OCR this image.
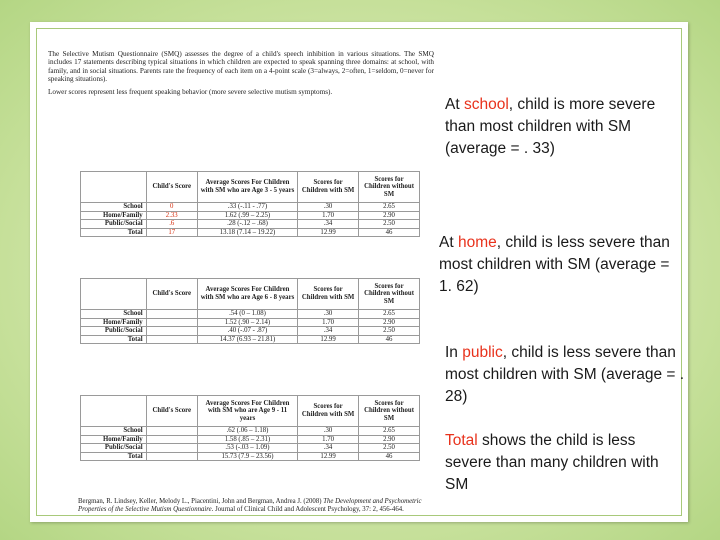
The Selective Mutism Questionnaire (SMQ) assesses the degree of a child's speech inhibition in various situations. The SMQ includes 17 statements describing typical situations in which children are expected to speak spanning three domains: at school, with family, and in social situations. Parents rate the frequency of each item on a 4-point scale (3=always, 2=often, 1=seldom, 0=never for speaking situations).

Lower scores represent less frequent speaking behavior (more severe selective mutism symptoms).

	Child's Score	Average Scores For Children with SM who are Age 3 - 5 years	Scores for Children with SM	Scores for Children without SM
School	0	.33 (-.11 - .77)	.30	2.65
Home/Family	2.33	1.62 (.99 – 2.25)	1.70	2.90
Public/Social	.6	.28 (-.12 – .68)	.34	2.50
Total	17	13.18 (7.14 – 19.22)	12.99	46
	Child's Score	Average Scores For Children with SM who are Age 6 - 8 years	Scores for Children with SM	Scores for Children without SM
School		.54 (0 – 1.08)	.30	2.65
Home/Family		1.52 (.90 – 2.14)	1.70	2.90
Public/Social		.40 (-.07 - .87)	.34	2.50
Total		14.37 (6.93 – 21.81)	12.99	46
	Child's Score	Average Scores For Children with SM who are Age 9 - 11 years	Scores for Children with SM	Scores for Children without SM
School		.62 (.06 – 1.18)	.30	2.65
Home/Family		1.58 (.85 – 2.31)	1.70	2.90
Public/Social		.53 (-.03 – 1.09)	.34	2.50
Total		15.73 (7.9 – 23.56)	12.99	46
Bergman, R. Lindsey, Keller, Melody L., Piacentini, John and Bergman, Andrea J. (2008) The Development and Psychometric Properties of the Selective Mutism Questionnaire. Journal of Clinical Child and Adolescent Psychology, 37: 2, 456-464.
At school, child is more severe than most children with SM (average = . 33)
At home, child is less severe than most children with SM (average = 1. 62)
In public, child is less severe than most children with SM (average = . 28)
Total shows the child is less severe than many children with SM
